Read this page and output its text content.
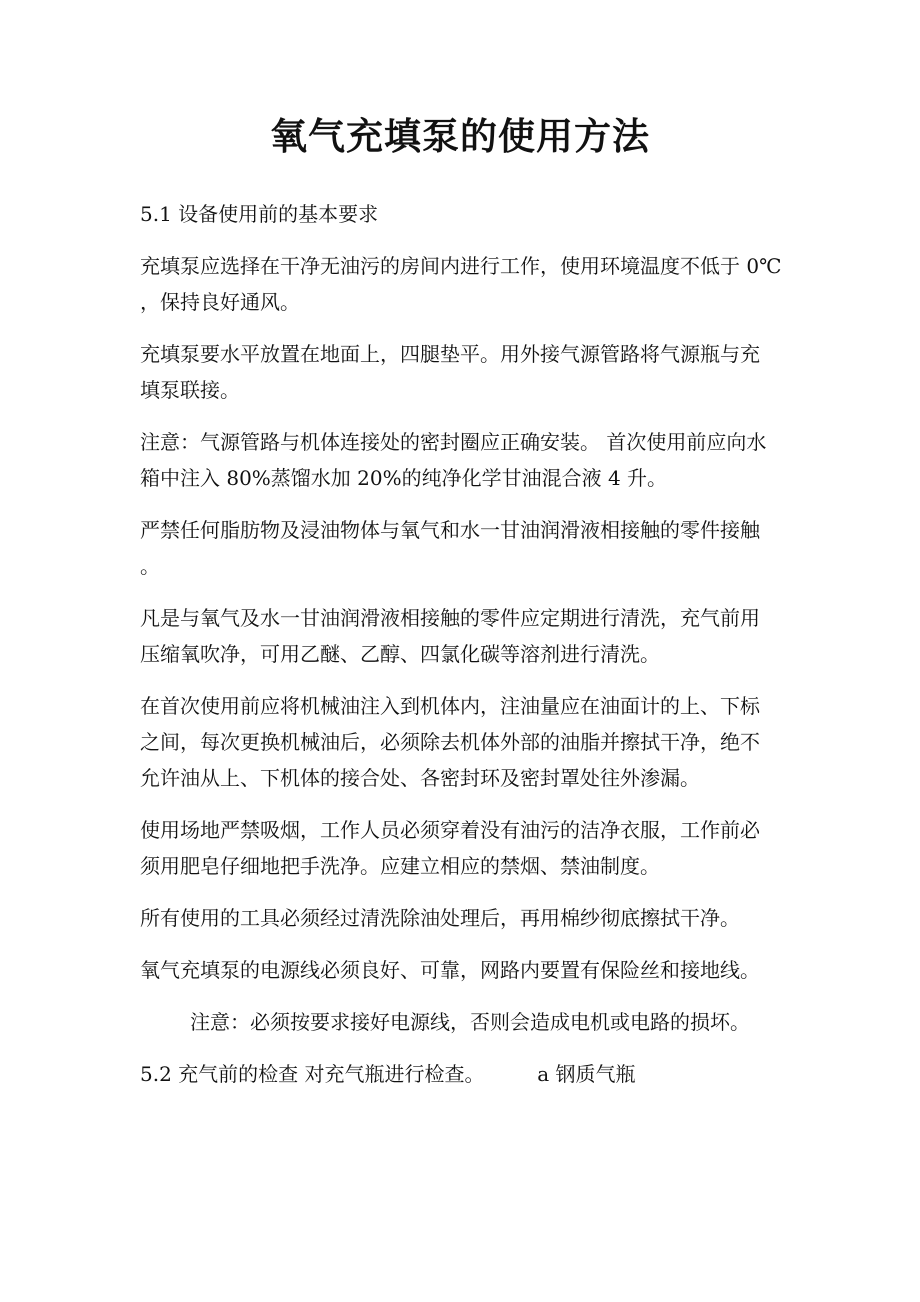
氧气充填泵的使用方法

5.1 设备使用前的基本要求

充填泵应选择在干净无油污的房间内进行工作，使用环境温度不低于 0℃
，保持良好通风。

充填泵要水平放置在地面上，四腿垫平。用外接气源管路将气源瓶与充
填泵联接。

注意：气源管路与机体连接处的密封圈应正确安装。 首次使用前应向水
箱中注入 80%蒸馏水加 20%的纯净化学甘油混合液 4 升。

严禁任何脂肪物及浸油物体与氧气和水一甘油润滑液相接触的零件接触
。

凡是与氧气及水一甘油润滑液相接触的零件应定期进行清洗，充气前用
压缩氧吹净，可用乙醚、乙醇、四氯化碳等溶剂进行清洗。

在首次使用前应将机械油注入到机体内，注油量应在油面计的上、下标
之间，每次更换机械油后，必须除去机体外部的油脂并擦拭干净，绝不
允许油从上、下机体的接合处、各密封环及密封罩处往外渗漏。

使用场地严禁吸烟，工作人员必须穿着没有油污的洁净衣服，工作前必
须用肥皂仔细地把手洗净。应建立相应的禁烟、禁油制度。

所有使用的工具必须经过清洗除油处理后，再用棉纱彻底擦拭干净。

氧气充填泵的电源线必须良好、可靠，网路内要置有保险丝和接地线。

注意：必须按要求接好电源线，否则会造成电机或电路的损坏。

5.2 充气前的检查 对充气瓶进行检查。	a 钢质气瓶
